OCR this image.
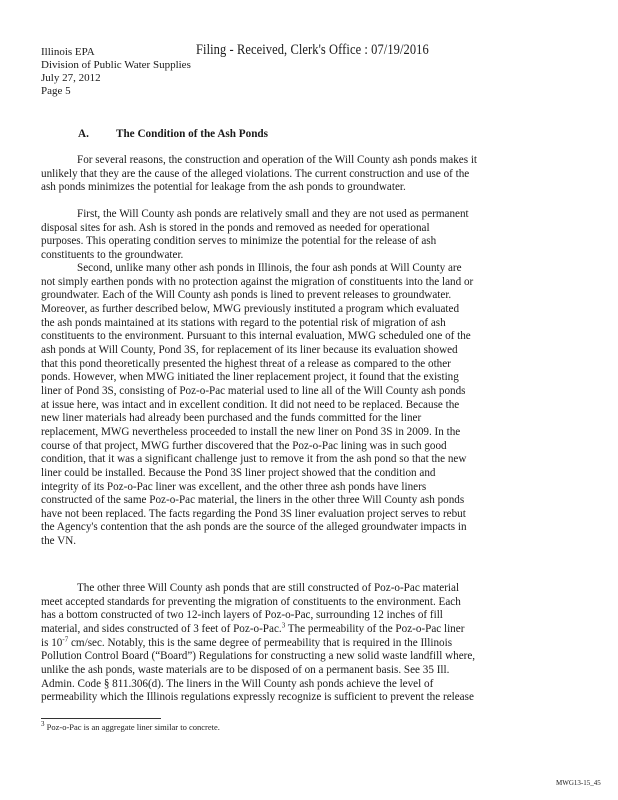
Filing - Received, Clerk's Office : 07/19/2016
Illinois EPA
Division of Public Water Supplies
July 27, 2012
Page 5
A. The Condition of the Ash Ponds
For several reasons, the construction and operation of the Will County ash ponds makes it
unlikely that they are the cause of the alleged violations. The current construction and use of the
ash ponds minimizes the potential for leakage from the ash ponds to groundwater.
First, the Will County ash ponds are relatively small and they are not used as permanent
disposal sites for ash. Ash is stored in the ponds and removed as needed for operational
purposes. This operating condition serves to minimize the potential for the release of ash
constituents to the groundwater.
Second, unlike many other ash ponds in Illinois, the four ash ponds at Will County are
not simply earthen ponds with no protection against the migration of constituents into the land or
groundwater. Each of the Will County ash ponds is lined to prevent releases to groundwater.
Moreover, as further described below, MWG previously instituted a program which evaluated
the ash ponds maintained at its stations with regard to the potential risk of migration of ash
constituents to the environment. Pursuant to this internal evaluation, MWG scheduled one of the
ash ponds at Will County, Pond 3S, for replacement of its liner because its evaluation showed
that this pond theoretically presented the highest threat of a release as compared to the other
ponds. However, when MWG initiated the liner replacement project, it found that the existing
liner of Pond 3S, consisting of Poz-o-Pac material used to line all of the Will County ash ponds
at issue here, was intact and in excellent condition. It did not need to be replaced. Because the
new liner materials had already been purchased and the funds committed for the liner
replacement, MWG nevertheless proceeded to install the new liner on Pond 3S in 2009. In the
course of that project, MWG further discovered that the Poz-o-Pac lining was in such good
condition, that it was a significant challenge just to remove it from the ash pond so that the new
liner could be installed. Because the Pond 3S liner project showed that the condition and
integrity of its Poz-o-Pac liner was excellent, and the other three ash ponds have liners
constructed of the same Poz-o-Pac material, the liners in the other three Will County ash ponds
have not been replaced. The facts regarding the Pond 3S liner evaluation project serves to rebut
the Agency's contention that the ash ponds are the source of the alleged groundwater impacts in
the VN.
The other three Will County ash ponds that are still constructed of Poz-o-Pac material
meet accepted standards for preventing the migration of constituents to the environment. Each
has a bottom constructed of two 12-inch layers of Poz-o-Pac, surrounding 12 inches of fill
material, and sides constructed of 3 feet of Poz-o-Pac.$^3$ The permeability of the Poz-o-Pac liner
is $10^{-7}$ cm/sec. Notably, this is the same degree of permeability that is required in the Illinois
Pollution Control Board (“Board”) Regulations for constructing a new solid waste landfill where,
unlike the ash ponds, waste materials are to be disposed of on a permanent basis. See 35 Ill.
Admin. Code § 811.306(d). The liners in the Will County ash ponds achieve the level of
permeability which the Illinois regulations expressly recognize is sufficient to prevent the release
$^3$ Poz-o-Pac is an aggregate liner similar to concrete.
MWG13-15_45
